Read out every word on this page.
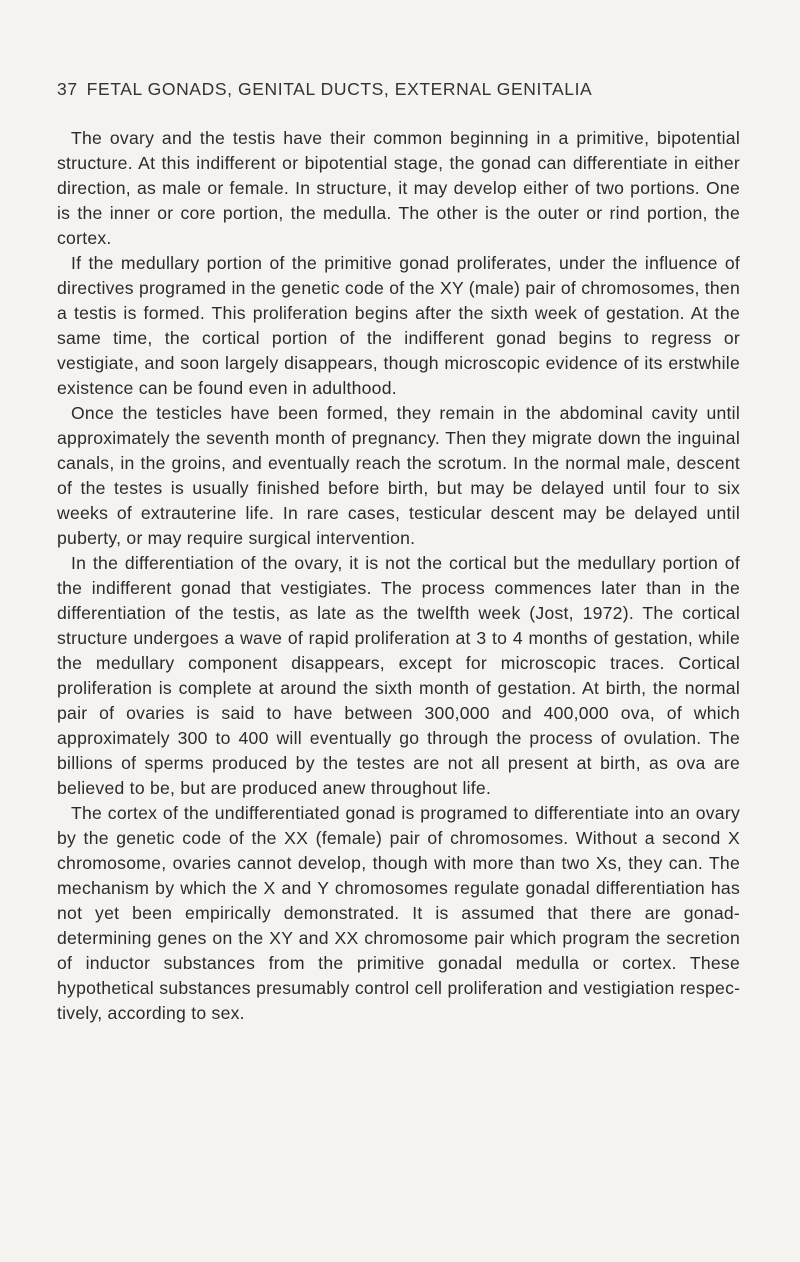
37 FETAL GONADS, GENITAL DUCTS, EXTERNAL GENITALIA

The ovary and the testis have their common beginning in a primitive, bipotential structure. At this indifferent or bipotential stage, the gonad can differentiate in either direction, as male or female. In structure, it may develop either of two portions. One is the inner or core portion, the medulla. The other is the outer or rind portion, the cortex.

If the medullary portion of the primitive gonad proliferates, under the influence of directives programed in the genetic code of the XY (male) pair of chromosomes, then a testis is formed. This proliferation begins after the sixth week of gestation. At the same time, the cortical portion of the indifferent gonad begins to regress or vestigiate, and soon largely disappears, though microscopic evidence of its erstwhile existence can be found even in adulthood.

Once the testicles have been formed, they remain in the abdominal cavity until approximately the seventh month of pregnancy. Then they migrate down the inguinal canals, in the groins, and eventually reach the scrotum. In the normal male, descent of the testes is usually finished before birth, but may be delayed until four to six weeks of extrauterine life. In rare cases, testicular descent may be delayed until puberty, or may require surgical intervention.

In the differentiation of the ovary, it is not the cortical but the medullary portion of the indifferent gonad that vestigiates. The process commences later than in the differentiation of the testis, as late as the twelfth week (Jost, 1972). The cortical structure undergoes a wave of rapid proliferation at 3 to 4 months of gestation, while the medullary component disappears, except for microscopic traces. Cortical proliferation is complete at around the sixth month of gestation. At birth, the normal pair of ovaries is said to have between 300,000 and 400,000 ova, of which approximately 300 to 400 will eventually go through the process of ovulation. The billions of sperms produced by the testes are not all present at birth, as ova are believed to be, but are produced anew throughout life.

The cortex of the undifferentiated gonad is programed to differentiate into an ovary by the genetic code of the XX (female) pair of chromosomes. Without a second X chromosome, ovaries cannot develop, though with more than two Xs, they can. The mechanism by which the X and Y chromosomes regulate gonadal differentiation has not yet been empirically demonstrated. It is assumed that there are gonad-determining genes on the XY and XX chromosome pair which program the secretion of inductor substances from the primitive gonadal medulla or cortex. These hypothetical substances presumably control cell proliferation and vestigiation respectively, according to sex.
